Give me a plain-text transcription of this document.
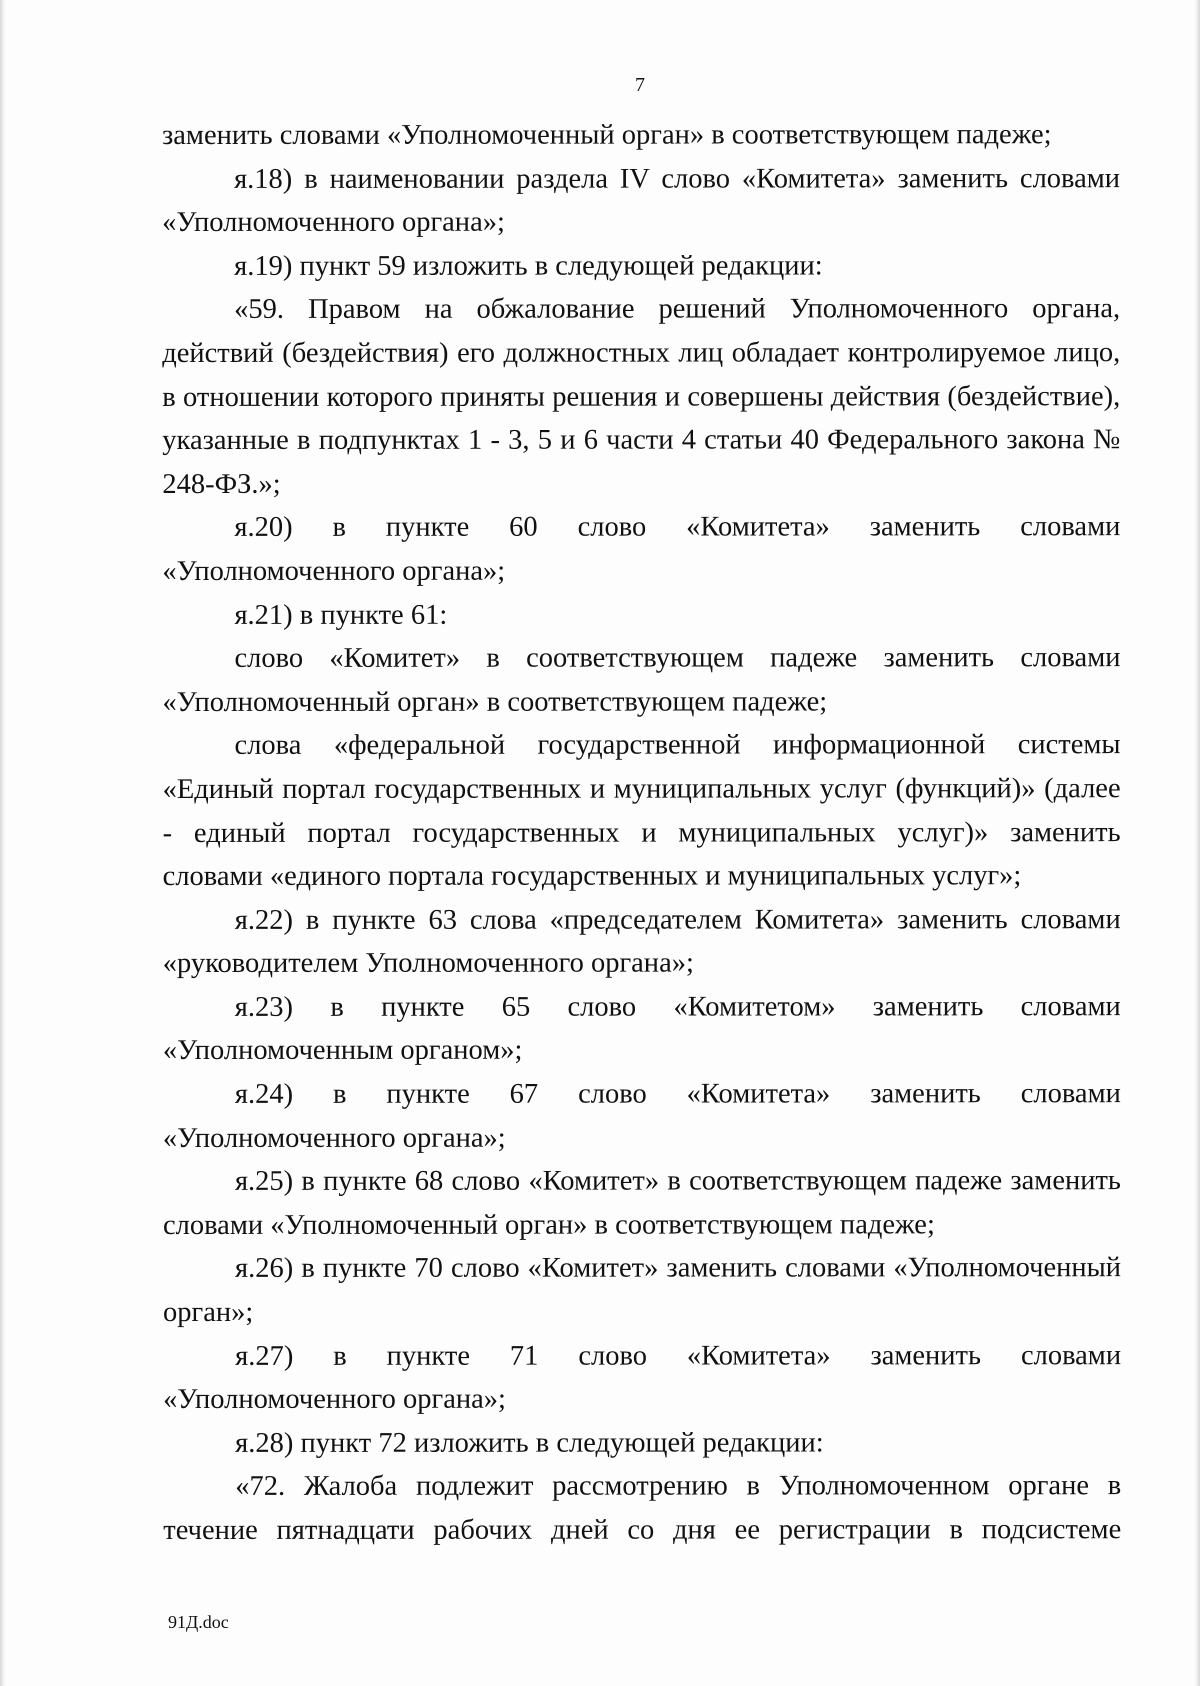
7

заменить словами «Уполномоченный орган» в соответствующем падеже;

я.18) в наименовании раздела IV слово «Комитета» заменить словами «Уполномоченного органа»;

я.19) пункт 59 изложить в следующей редакции:

«59. Правом на обжалование решений Уполномоченного органа, действий (бездействия) его должностных лиц обладает контролируемое лицо, в отношении которого приняты решения и совершены действия (бездействие), указанные в подпунктах 1 - 3, 5 и 6 части 4 статьи 40 Федерального закона № 248-ФЗ.»;

я.20) в пункте 60 слово «Комитета» заменить словами «Уполномоченного органа»;

я.21) в пункте 61:

слово «Комитет» в соответствующем падеже заменить словами «Уполномоченный орган» в соответствующем падеже;

слова «федеральной государственной информационной системы «Единый портал государственных и муниципальных услуг (функций)» (далее - единый портал государственных и муниципальных услуг)» заменить словами «единого портала государственных и муниципальных услуг»;

я.22) в пункте 63 слова «председателем Комитета» заменить словами «руководителем Уполномоченного органа»;

я.23) в пункте 65 слово «Комитетом» заменить словами «Уполномоченным органом»;

я.24) в пункте 67 слово «Комитета» заменить словами «Уполномоченного органа»;

я.25) в пункте 68 слово «Комитет» в соответствующем падеже заменить словами «Уполномоченный орган» в соответствующем падеже;

я.26) в пункте 70 слово «Комитет» заменить словами «Уполномоченный орган»;

я.27) в пункте 71 слово «Комитета» заменить словами «Уполномоченного органа»;

я.28) пункт 72 изложить в следующей редакции:

«72. Жалоба подлежит рассмотрению в Уполномоченном органе в течение пятнадцати рабочих дней со дня ее регистрации в подсистеме

91Д.doc
